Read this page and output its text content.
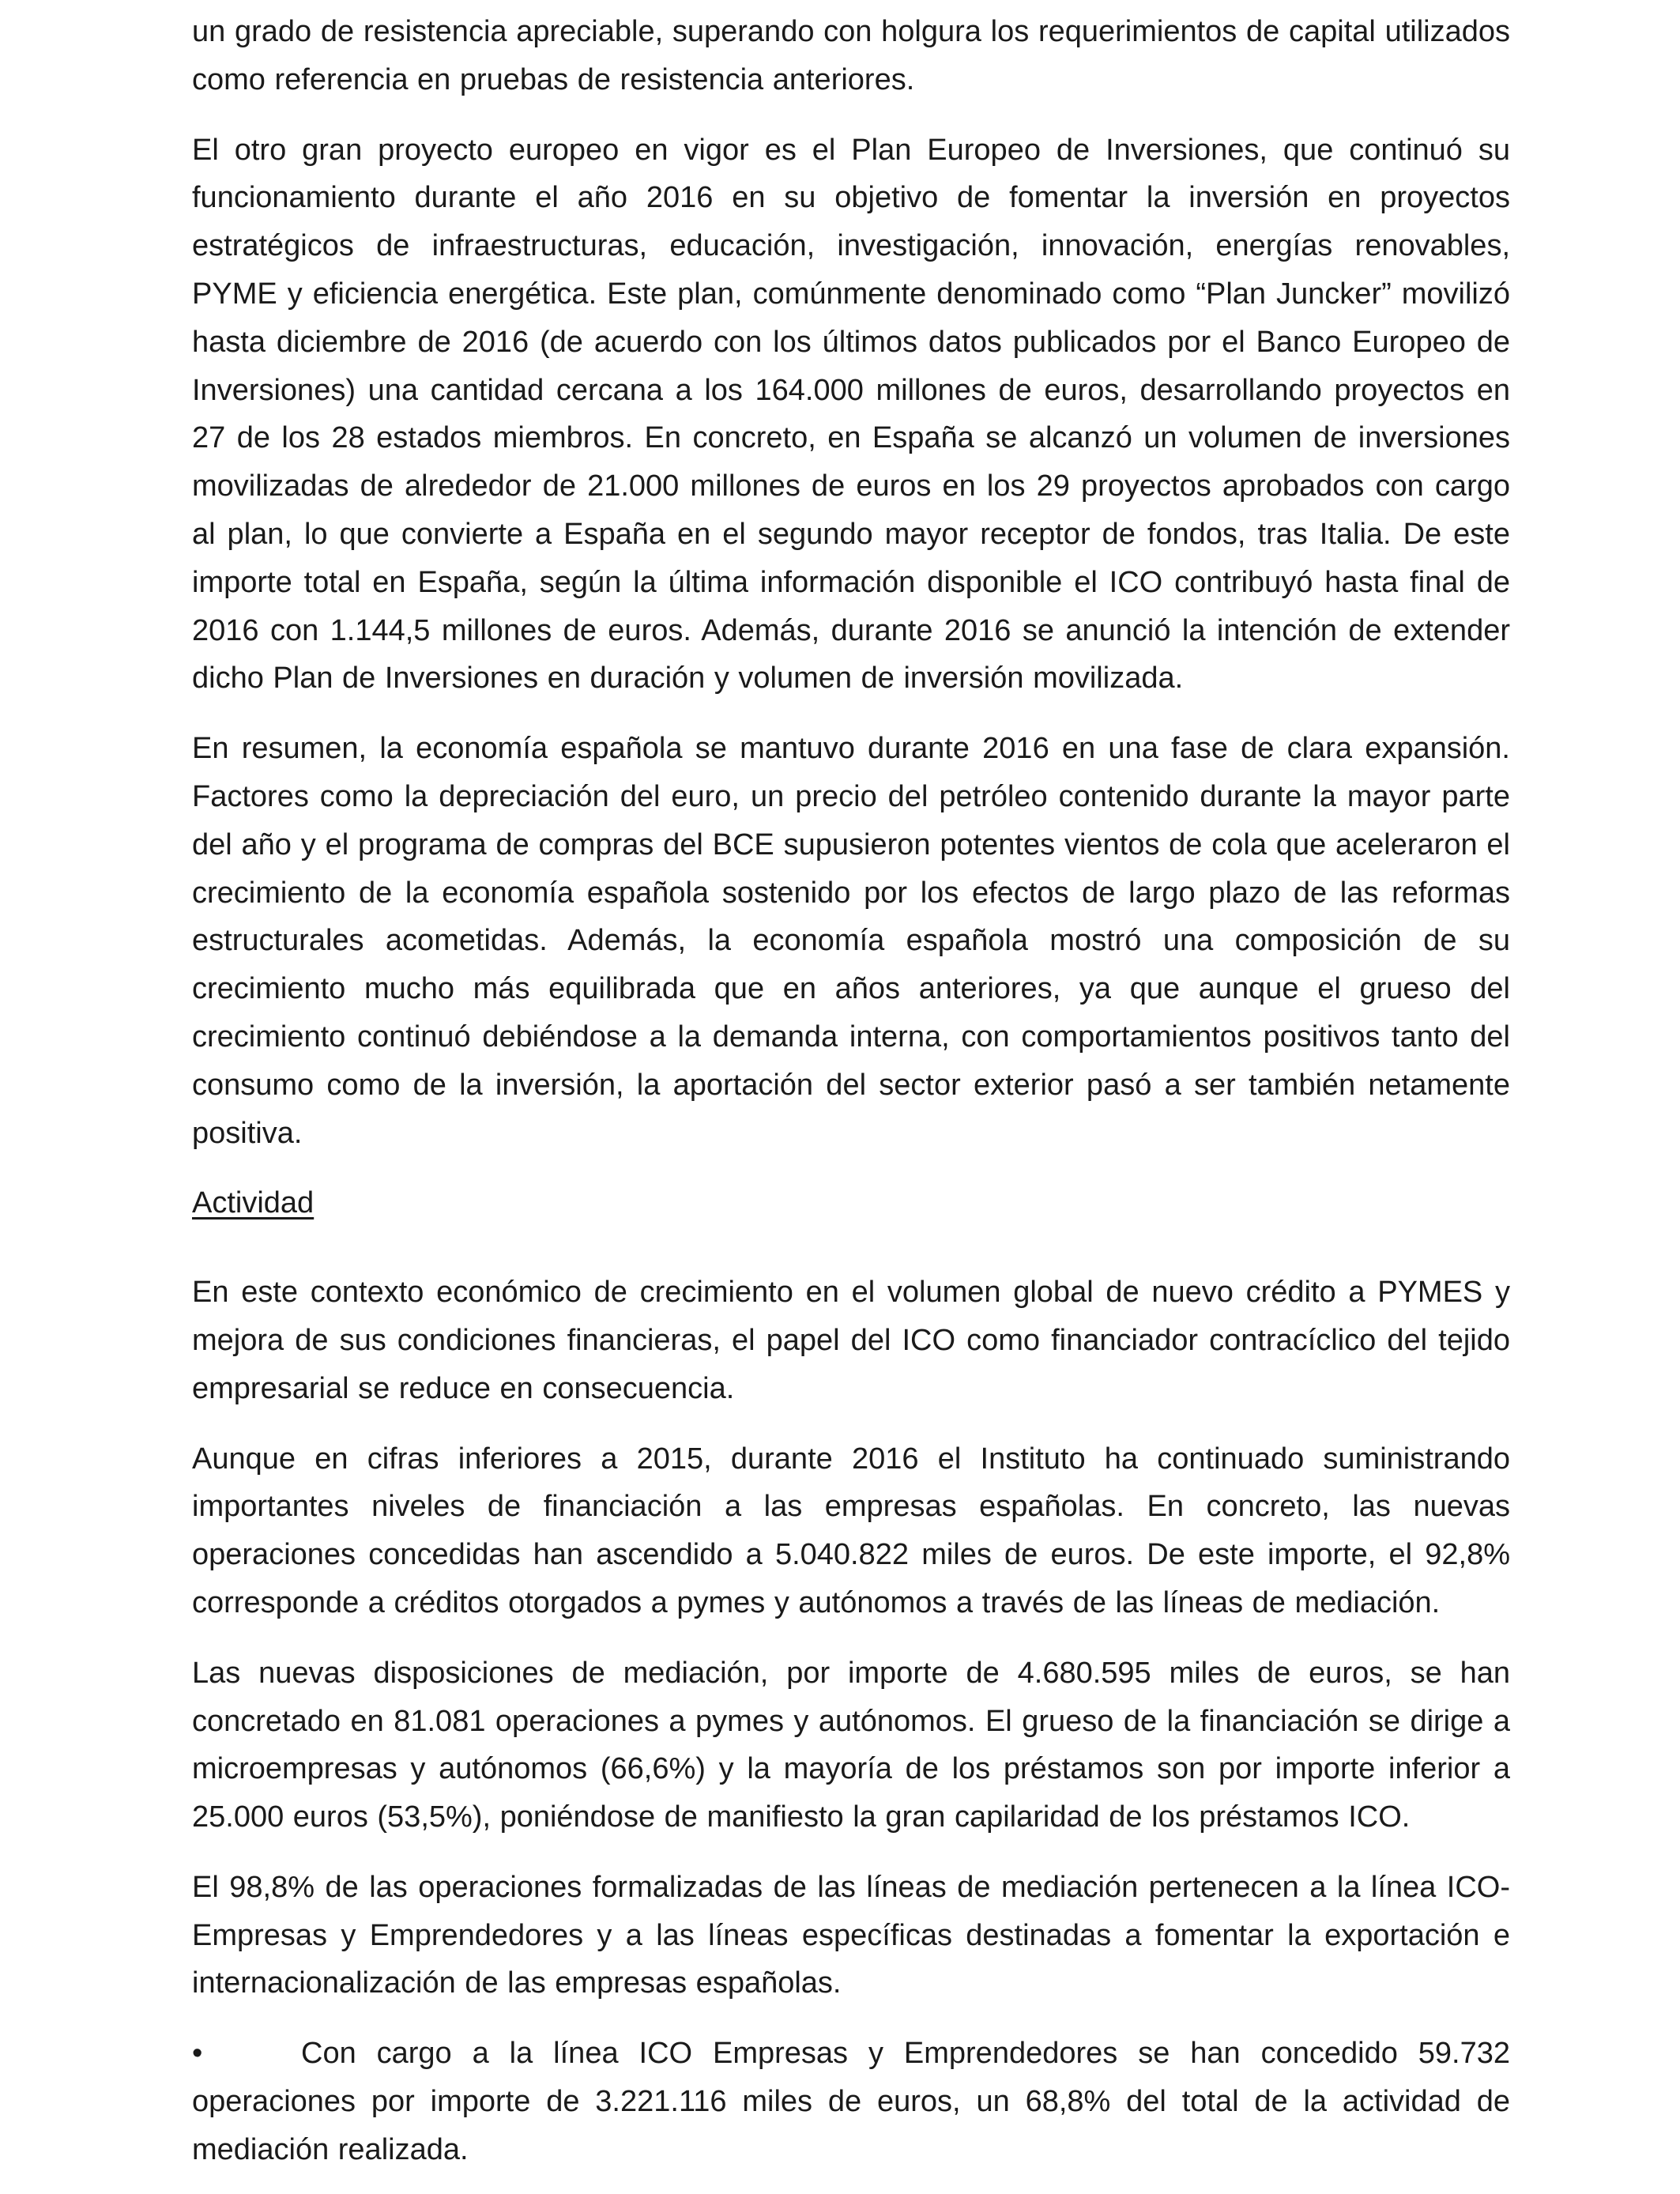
un grado de resistencia apreciable, superando con holgura los requerimientos de capital utilizados como referencia en pruebas de resistencia anteriores.

El otro gran proyecto europeo en vigor es el Plan Europeo de Inversiones, que continuó su funcionamiento durante el año 2016 en su objetivo de fomentar la inversión en proyectos estratégicos de infraestructuras, educación, investigación, innovación, energías renovables, PYME y eficiencia energética. Este plan, comúnmente denominado como “Plan Juncker” movilizó hasta diciembre de 2016 (de acuerdo con los últimos datos publicados por el Banco Europeo de Inversiones) una cantidad cercana a los 164.000 millones de euros, desarrollando proyectos en 27 de los 28 estados miembros. En concreto, en España se alcanzó un volumen de inversiones movilizadas de alrededor de 21.000 millones de euros en los 29 proyectos aprobados con cargo al plan, lo que convierte a España en el segundo mayor receptor de fondos, tras Italia. De este importe total en España, según la última información disponible el ICO contribuyó hasta final de 2016 con 1.144,5 millones de euros. Además, durante 2016 se anunció la intención de extender dicho Plan de Inversiones en duración y volumen de inversión movilizada.

En resumen, la economía española se mantuvo durante 2016 en una fase de clara expansión. Factores como la depreciación del euro, un precio del petróleo contenido durante la mayor parte del año y el programa de compras del BCE supusieron potentes vientos de cola que aceleraron el crecimiento de la economía española sostenido por los efectos de largo plazo de las reformas estructurales acometidas. Además, la economía española mostró una composición de su crecimiento mucho más equilibrada que en años anteriores, ya que aunque el grueso del crecimiento continuó debiéndose a la demanda interna, con comportamientos positivos tanto del consumo como de la inversión, la aportación del sector exterior pasó a ser también netamente positiva.

Actividad

En este contexto económico de crecimiento en el volumen global de nuevo crédito a PYMES y mejora de sus condiciones financieras, el papel del ICO como financiador contracíclico del tejido empresarial se reduce en consecuencia.

Aunque en cifras inferiores a 2015, durante 2016 el Instituto ha continuado suministrando importantes niveles de financiación a las empresas españolas. En concreto, las nuevas operaciones concedidas han ascendido a 5.040.822 miles de euros. De este importe, el 92,8% corresponde a créditos otorgados a pymes y autónomos a través de las líneas de mediación.

Las nuevas disposiciones de mediación, por importe de 4.680.595 miles de euros, se han concretado en 81.081 operaciones a pymes y autónomos. El grueso de la financiación se dirige a microempresas y autónomos (66,6%) y la mayoría de los préstamos son por importe inferior a 25.000 euros (53,5%), poniéndose de manifiesto la gran capilaridad de los préstamos ICO.

El 98,8% de las operaciones formalizadas de las líneas de mediación pertenecen a la línea ICO-Empresas y Emprendedores y a las líneas específicas destinadas a fomentar la exportación e internacionalización de las empresas españolas.

•	Con cargo a la línea ICO Empresas y Emprendedores se han concedido 59.732 operaciones por importe de 3.221.116 miles de euros, un 68,8% del total de la actividad de mediación realizada.
